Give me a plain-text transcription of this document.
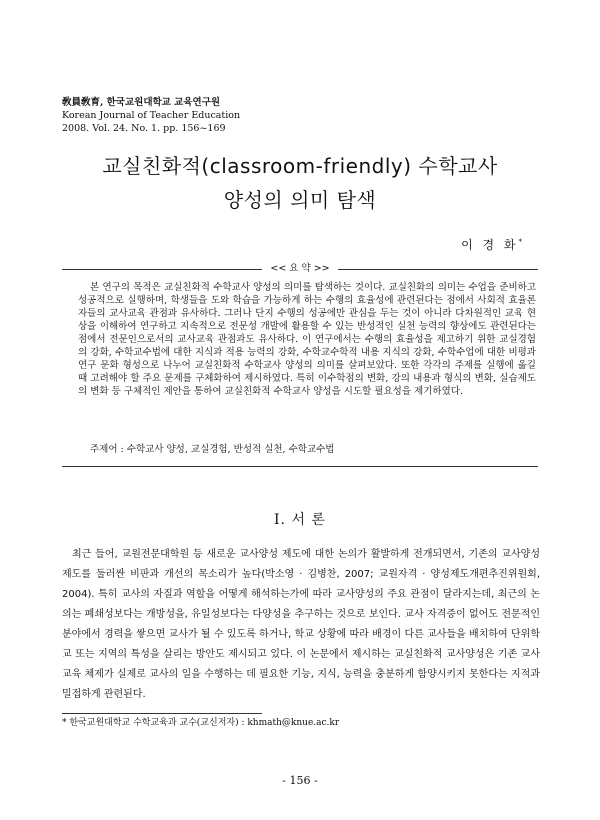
敎員敎育, 한국교원대학교 교육연구원
Korean Journal of Teacher Education
2008. Vol. 24. No. 1. pp. 156~169
교실친화적(classroom-friendly) 수학교사
양성의 의미 탐색
이 경 화*
<< 요 약 >>

본 연구의 목적은 교실친화적 수학교사 양성의 의미를 탐색하는 것이다. 교실친화의 의미는 수업을 준비하고 성공적으로 실행하며, 학생들을 도와 학습을 가능하게 하는 수행의 효율성에 관련된다는 점에서 사회적 효율론자들의 교사교육 관점과 유사하다. 그러나 단지 수행의 성공에만 관심을 두는 것이 아니라 다차원적인 교육 현상을 이해하여 연구하고 지속적으로 전문성 개발에 활용할 수 있는 반성적인 실천 능력의 향상에도 관련된다는 점에서 전문인으로서의 교사교육 관점과도 유사하다. 이 연구에서는 수행의 효율성을 제고하기 위한 교실경험의 강화, 수학교수법에 대한 지식과 적용 능력의 강화, 수학교수학적 내용 지식의 강화, 수학수업에 대한 비평과 연구 문화 형성으로 나누어 교실친화적 수학교사 양성의 의미를 살펴보았다. 또한 각각의 주제를 실행에 옮길 때 고려해야 할 주요 문제를 구체화하여 제시하였다. 특히 이수학점의 변화, 강의 내용과 형식의 변화, 실습제도의 변화 등 구체적인 제안을 통하여 교실친화적 수학교사 양성을 시도할 필요성을 제기하였다.

주제어 : 수학교사 양성, 교실경험, 반성적 실천, 수학교수법
I. 서 론

최근 들어, 교원전문대학원 등 새로운 교사양성 제도에 대한 논의가 활발하게 전개되면서, 기존의 교사양성 제도를 둘러싼 비판과 개선의 목소리가 높다(박소영 · 김병찬, 2007; 교원자격 · 양성제도개편추진위원회, 2004). 특히 교사의 자질과 역할을 어떻게 해석하는가에 따라 교사양성의 주요 관점이 달라지는데, 최근의 논의는 폐쇄성보다는 개방성을, 유일성보다는 다양성을 추구하는 것으로 보인다. 교사 자격증이 없어도 전문적인 분야에서 경력을 쌓으면 교사가 될 수 있도록 하거나, 학교 상황에 따라 배경이 다른 교사들을 배치하여 단위학교 또는 지역의 특성을 살리는 방안도 제시되고 있다. 이 논문에서 제시하는 교실친화적 교사양성은 기존 교사교육 체제가 실제로 교사의 일을 수행하는 데 필요한 기능, 지식, 능력을 충분하게 함양시키지 못한다는 지적과 밀접하게 관련된다.

* 한국교원대학교 수학교육과 교수(교신저자) : khmath@knue.ac.kr
- 156 -
